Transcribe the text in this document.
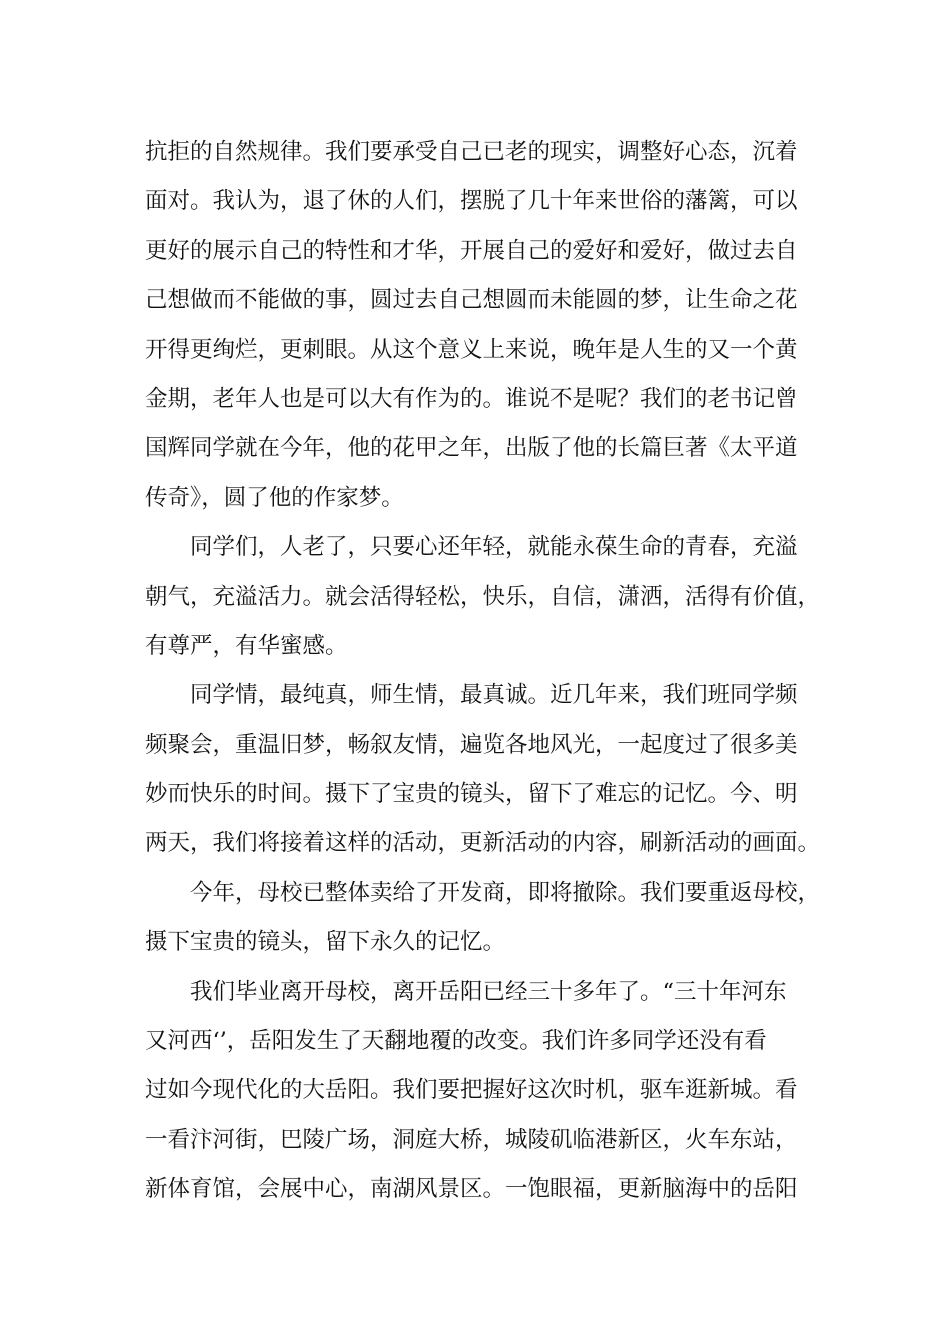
抗拒的自然规律。我们要承受自己已老的现实，调整好心态，沉着
面对。我认为，退了休的人们，摆脱了几十年来世俗的藩篱，可以
更好的展示自己的特性和才华，开展自己的爱好和爱好，做过去自
己想做而不能做的事，圆过去自己想圆而未能圆的梦，让生命之花
开得更绚烂，更刺眼。从这个意义上来说，晚年是人生的又一个黄
金期，老年人也是可以大有作为的。谁说不是呢？我们的老书记曾
国辉同学就在今年，他的花甲之年，出版了他的长篇巨著《太平道
传奇》，圆了他的作家梦。
同学们，人老了，只要心还年轻，就能永葆生命的青春，充溢
朝气，充溢活力。就会活得轻松，快乐，自信，潇洒，活得有价值，
有尊严，有华蜜感。
同学情，最纯真，师生情，最真诚。近几年来，我们班同学频
频聚会，重温旧梦，畅叙友情，遍览各地风光，一起度过了很多美
妙而快乐的时间。摄下了宝贵的镜头，留下了难忘的记忆。今、明
两天，我们将接着这样的活动，更新活动的内容，刷新活动的画面。
今年，母校已整体卖给了开发商，即将撤除。我们要重返母校，
摄下宝贵的镜头，留下永久的记忆。
我们毕业离开母校，离开岳阳已经三十多年了。“三十年河东
又河西‘’，岳阳发生了天翻地覆的改变。我们许多同学还没有看
过如今现代化的大岳阳。我们要把握好这次时机，驱车逛新城。看
一看汴河街，巴陵广场，洞庭大桥，城陵矶临港新区，火车东站，
新体育馆，会展中心，南湖风景区。一饱眼福，更新脑海中的岳阳
